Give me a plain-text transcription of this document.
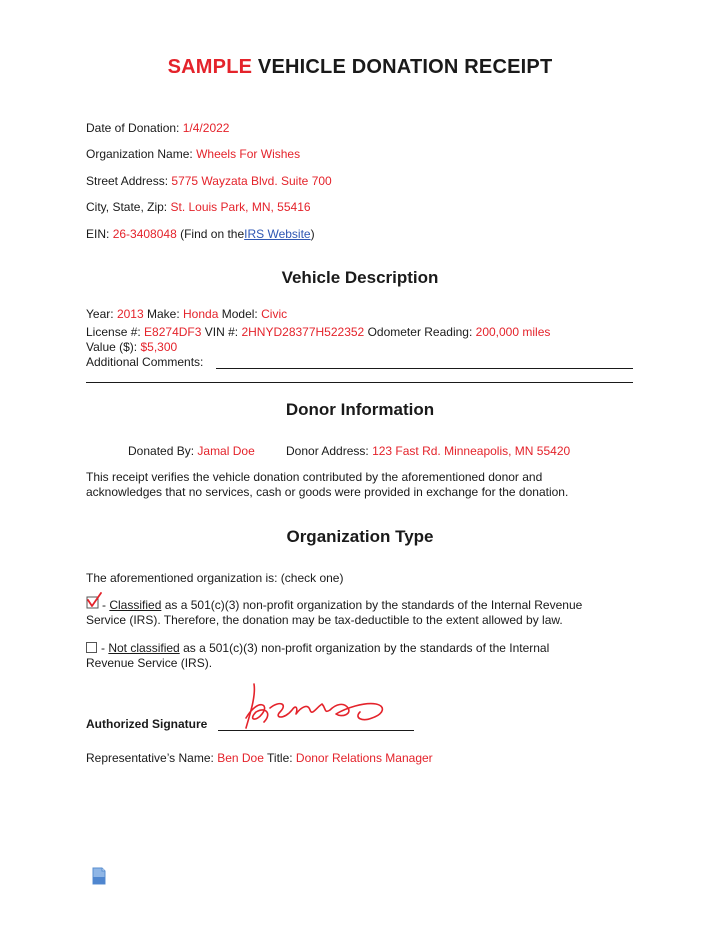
SAMPLE VEHICLE DONATION RECEIPT
Date of Donation: 1/4/2022
Organization Name: Wheels For Wishes
Street Address: 5775 Wayzata Blvd. Suite 700
City, State, Zip: St. Louis Park, MN, 55416
EIN: 26-3408048 (Find on theIRS Website)
Vehicle Description
Year: 2013 Make: Honda Model: Civic
License #: E8274DF3 VIN #: 2HNYD28377H522352 Odometer Reading: 200,000 miles
Value ($): $5,300
Additional Comments:
Donor Information
Donated By: Jamal Doe	Donor Address: 123 Fast Rd. Minneapolis, MN 55420
This receipt verifies the vehicle donation contributed by the aforementioned donor and
acknowledges that no services, cash or goods were provided in exchange for the donation.
Organization Type
The aforementioned organization is: (check one)
- Classified as a 501(c)(3) non-profit organization by the standards of the Internal Revenue
Service (IRS). Therefore, the donation may be tax-deductible to the extent allowed by law.
- Not classified as a 501(c)(3) non-profit organization by the standards of the Internal
Revenue Service (IRS).
Authorized Signature
Representative’s Name: Ben Doe Title: Donor Relations Manager
